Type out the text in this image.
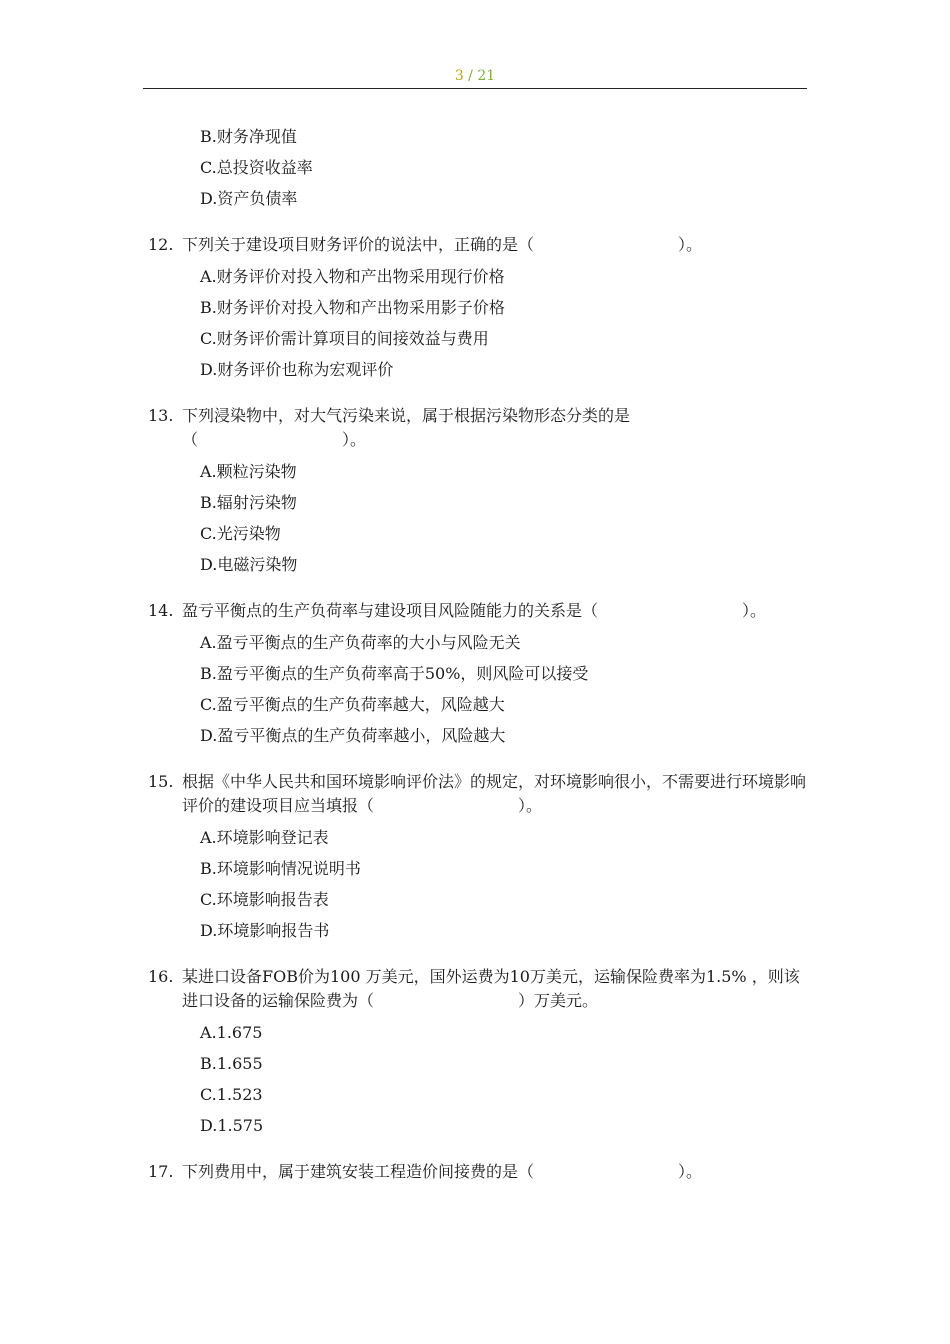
3 / 21
B.财务净现值
C.总投资收益率
D.资产负债率
12. 下列关于建设项目财务评价的说法中，正确的是（　　　　　　　　　）。
A.财务评价对投入物和产出物采用现行价格
B.财务评价对投入物和产出物采用影子价格
C.财务评价需计算项目的间接效益与费用
D.财务评价也称为宏观评价
13. 下列浸染物中，对大气污染来说，属于根据污染物形态分类的是（　　　　　　　　　）。
A.颗粒污染物
B.辐射污染物
C.光污染物
D.电磁污染物
14. 盈亏平衡点的生产负荷率与建设项目风险随能力的关系是（　　　　　　　　　）。
A.盈亏平衡点的生产负荷率的大小与风险无关
B.盈亏平衡点的生产负荷率高于50%，则风险可以接受
C.盈亏平衡点的生产负荷率越大，风险越大
D.盈亏平衡点的生产负荷率越小，风险越大
15. 根据《中华人民共和国环境影响评价法》的规定，对环境影响很小，不需要进行环境影响评价的建设项目应当填报（　　　　　　　　　）。
A.环境影响登记表
B.环境影响情况说明书
C.环境影响报告表
D.环境影响报告书
16. 某进口设备FOB价为100 万美元，国外运费为10万美元，运输保险费率为1.5% ，则该进口设备的运输保险费为（　　　　　　　　　）万美元。
A.1.675
B.1.655
C.1.523
D.1.575
17. 下列费用中，属于建筑安装工程造价间接费的是（　　　　　　　　　）。
